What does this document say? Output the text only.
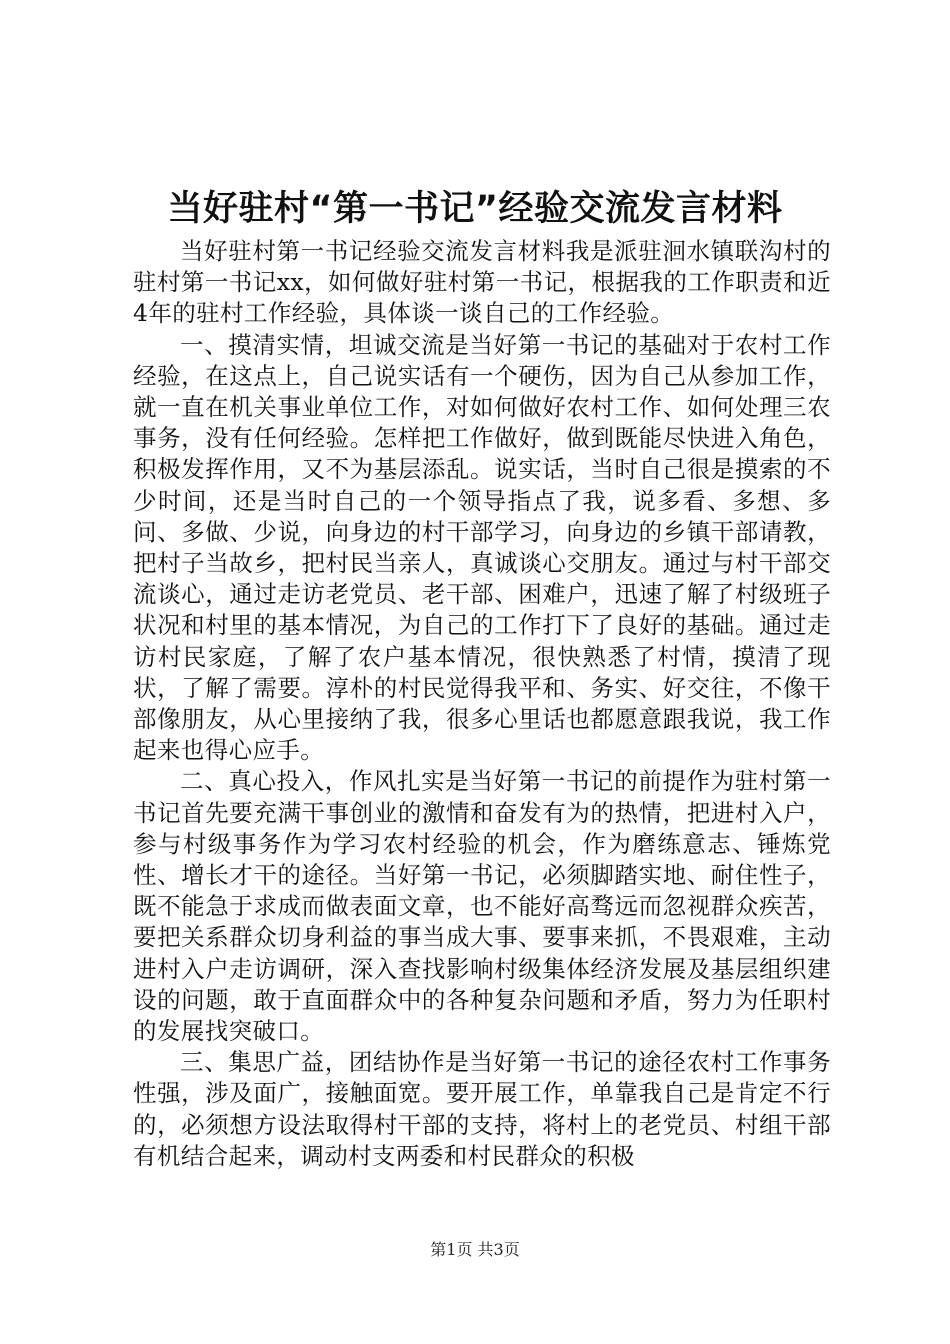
当好驻村“第一书记”经验交流发言材料

当好驻村第一书记经验交流发言材料我是派驻洄水镇联沟村的驻村第一书记xx，如何做好驻村第一书记，根据我的工作职责和近4年的驻村工作经验，具体谈一谈自己的工作经验。

一、摸清实情，坦诚交流是当好第一书记的基础对于农村工作经验，在这点上，自己说实话有一个硬伤，因为自己从参加工作，就一直在机关事业单位工作，对如何做好农村工作、如何处理三农事务，没有任何经验。怎样把工作做好，做到既能尽快进入角色，积极发挥作用，又不为基层添乱。说实话，当时自己很是摸索的不少时间，还是当时自己的一个领导指点了我，说多看、多想、多问、多做、少说，向身边的村干部学习，向身边的乡镇干部请教，把村子当故乡，把村民当亲人，真诚谈心交朋友。通过与村干部交流谈心，通过走访老党员、老干部、困难户，迅速了解了村级班子状况和村里的基本情况，为自己的工作打下了良好的基础。通过走访村民家庭，了解了农户基本情况，很快熟悉了村情，摸清了现状，了解了需要。淳朴的村民觉得我平和、务实、好交往，不像干部像朋友，从心里接纳了我，很多心里话也都愿意跟我说，我工作起来也得心应手。

二、真心投入，作风扎实是当好第一书记的前提作为驻村第一书记首先要充满干事创业的激情和奋发有为的热情，把进村入户，参与村级事务作为学习农村经验的机会，作为磨练意志、锤炼党性、增长才干的途径。当好第一书记，必须脚踏实地、耐住性子，既不能急于求成而做表面文章，也不能好高骛远而忽视群众疾苦，要把关系群众切身利益的事当成大事、要事来抓，不畏艰难，主动进村入户走访调研，深入查找影响村级集体经济发展及基层组织建设的问题，敢于直面群众中的各种复杂问题和矛盾，努力为任职村的发展找突破口。

三、集思广益，团结协作是当好第一书记的途径农村工作事务性强，涉及面广，接触面宽。要开展工作，单靠我自己是肯定不行的，必须想方设法取得村干部的支持，将村上的老党员、村组干部有机结合起来，调动村支两委和村民群众的积极

第1页 共3页
